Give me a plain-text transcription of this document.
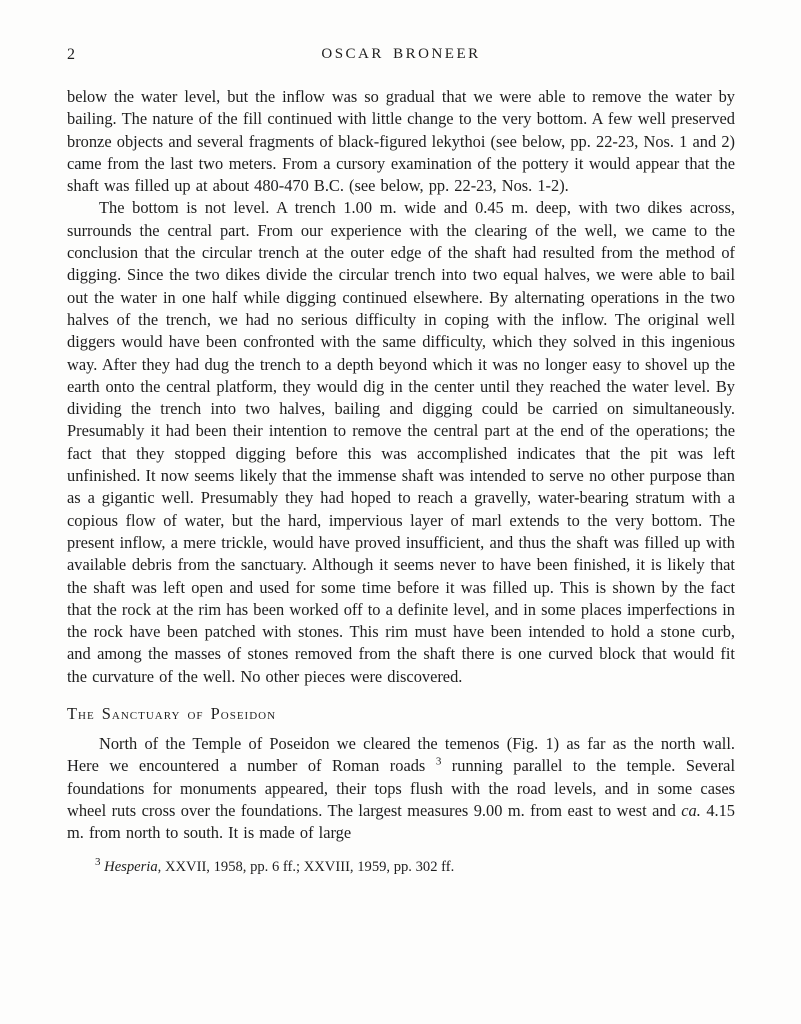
2	OSCAR BRONEER

below the water level, but the inflow was so gradual that we were able to remove the water by bailing. The nature of the fill continued with little change to the very bottom. A few well preserved bronze objects and several fragments of black-figured lekythoi (see below, pp. 22-23, Nos. 1 and 2) came from the last two meters. From a cursory examination of the pottery it would appear that the shaft was filled up at about 480-470 B.C. (see below, pp. 22-23, Nos. 1-2).

The bottom is not level. A trench 1.00 m. wide and 0.45 m. deep, with two dikes across, surrounds the central part. From our experience with the clearing of the well, we came to the conclusion that the circular trench at the outer edge of the shaft had resulted from the method of digging. Since the two dikes divide the circular trench into two equal halves, we were able to bail out the water in one half while digging continued elsewhere. By alternating operations in the two halves of the trench, we had no serious difficulty in coping with the inflow. The original well diggers would have been confronted with the same difficulty, which they solved in this ingenious way. After they had dug the trench to a depth beyond which it was no longer easy to shovel up the earth onto the central platform, they would dig in the center until they reached the water level. By dividing the trench into two halves, bailing and digging could be carried on simultaneously. Presumably it had been their intention to remove the central part at the end of the operations; the fact that they stopped digging before this was accomplished indicates that the pit was left unfinished. It now seems likely that the immense shaft was intended to serve no other purpose than as a gigantic well. Presumably they had hoped to reach a gravelly, water-bearing stratum with a copious flow of water, but the hard, impervious layer of marl extends to the very bottom. The present inflow, a mere trickle, would have proved insufficient, and thus the shaft was filled up with available debris from the sanctuary. Although it seems never to have been finished, it is likely that the shaft was left open and used for some time before it was filled up. This is shown by the fact that the rock at the rim has been worked off to a definite level, and in some places imperfections in the rock have been patched with stones. This rim must have been intended to hold a stone curb, and among the masses of stones removed from the shaft there is one curved block that would fit the curvature of the well. No other pieces were discovered.

The Sanctuary of Poseidon

North of the Temple of Poseidon we cleared the temenos (Fig. 1) as far as the north wall. Here we encountered a number of Roman roads $^3$ running parallel to the temple. Several foundations for monuments appeared, their tops flush with the road levels, and in some cases wheel ruts cross over the foundations. The largest measures 9.00 m. from east to west and ca. 4.15 m. from north to south. It is made of large

$^3$ Hesperia, XXVII, 1958, pp. 6 ff.; XXVIII, 1959, pp. 302 ff.
